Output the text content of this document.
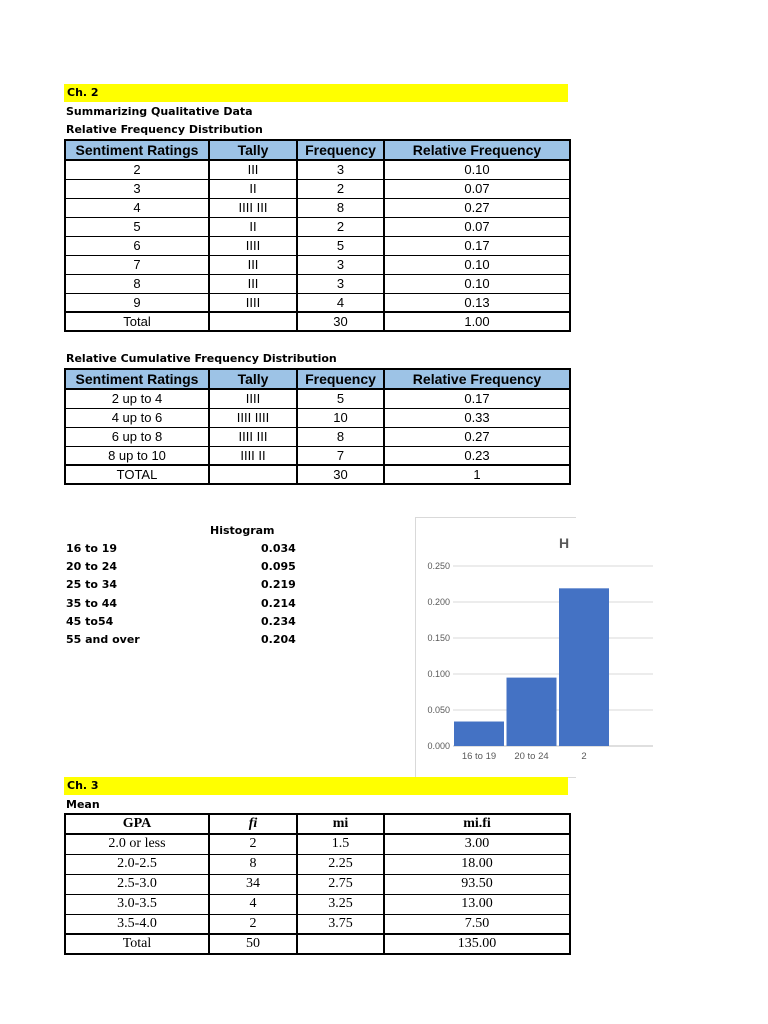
Ch. 2
Summarizing Qualitative Data
Relative Frequency Distribution
Sentiment Ratings	Tally	Frequency	Relative Frequency
2	III	3	0.10
3	II	2	0.07
4	IIII III	8	0.27
5	II	2	0.07
6	IIII	5	0.17
7	III	3	0.10
8	III	3	0.10
9	IIII	4	0.13
Total		30	1.00
Relative Cumulative Frequency Distribution
Sentiment Ratings	Tally	Frequency	Relative Frequency
2 up to 4	IIII	5	0.17
4 up to 6	IIII IIII	10	0.33
6 up to 8	IIII III	8	0.27
8 up to 10	IIII II	7	0.23
TOTAL		30	1
Histogram
16 to 19	0.034
20 to 24	0.095
25 to 34	0.219
35 to 44	0.214
45 to54	0.234
55 and over	0.204
H
0.000
0.050
0.100
0.150
0.200
0.250
16 to 19 20 to 24	2
Ch. 3
Mean
GPA	fi	mi	mi.fi
2.0 or less	2	1.5	3.00
2.0-2.5	8	2.25	18.00
2.5-3.0	34	2.75	93.50
3.0-3.5	4	3.25	13.00
3.5-4.0	2	3.75	7.50
Total	50		135.00
